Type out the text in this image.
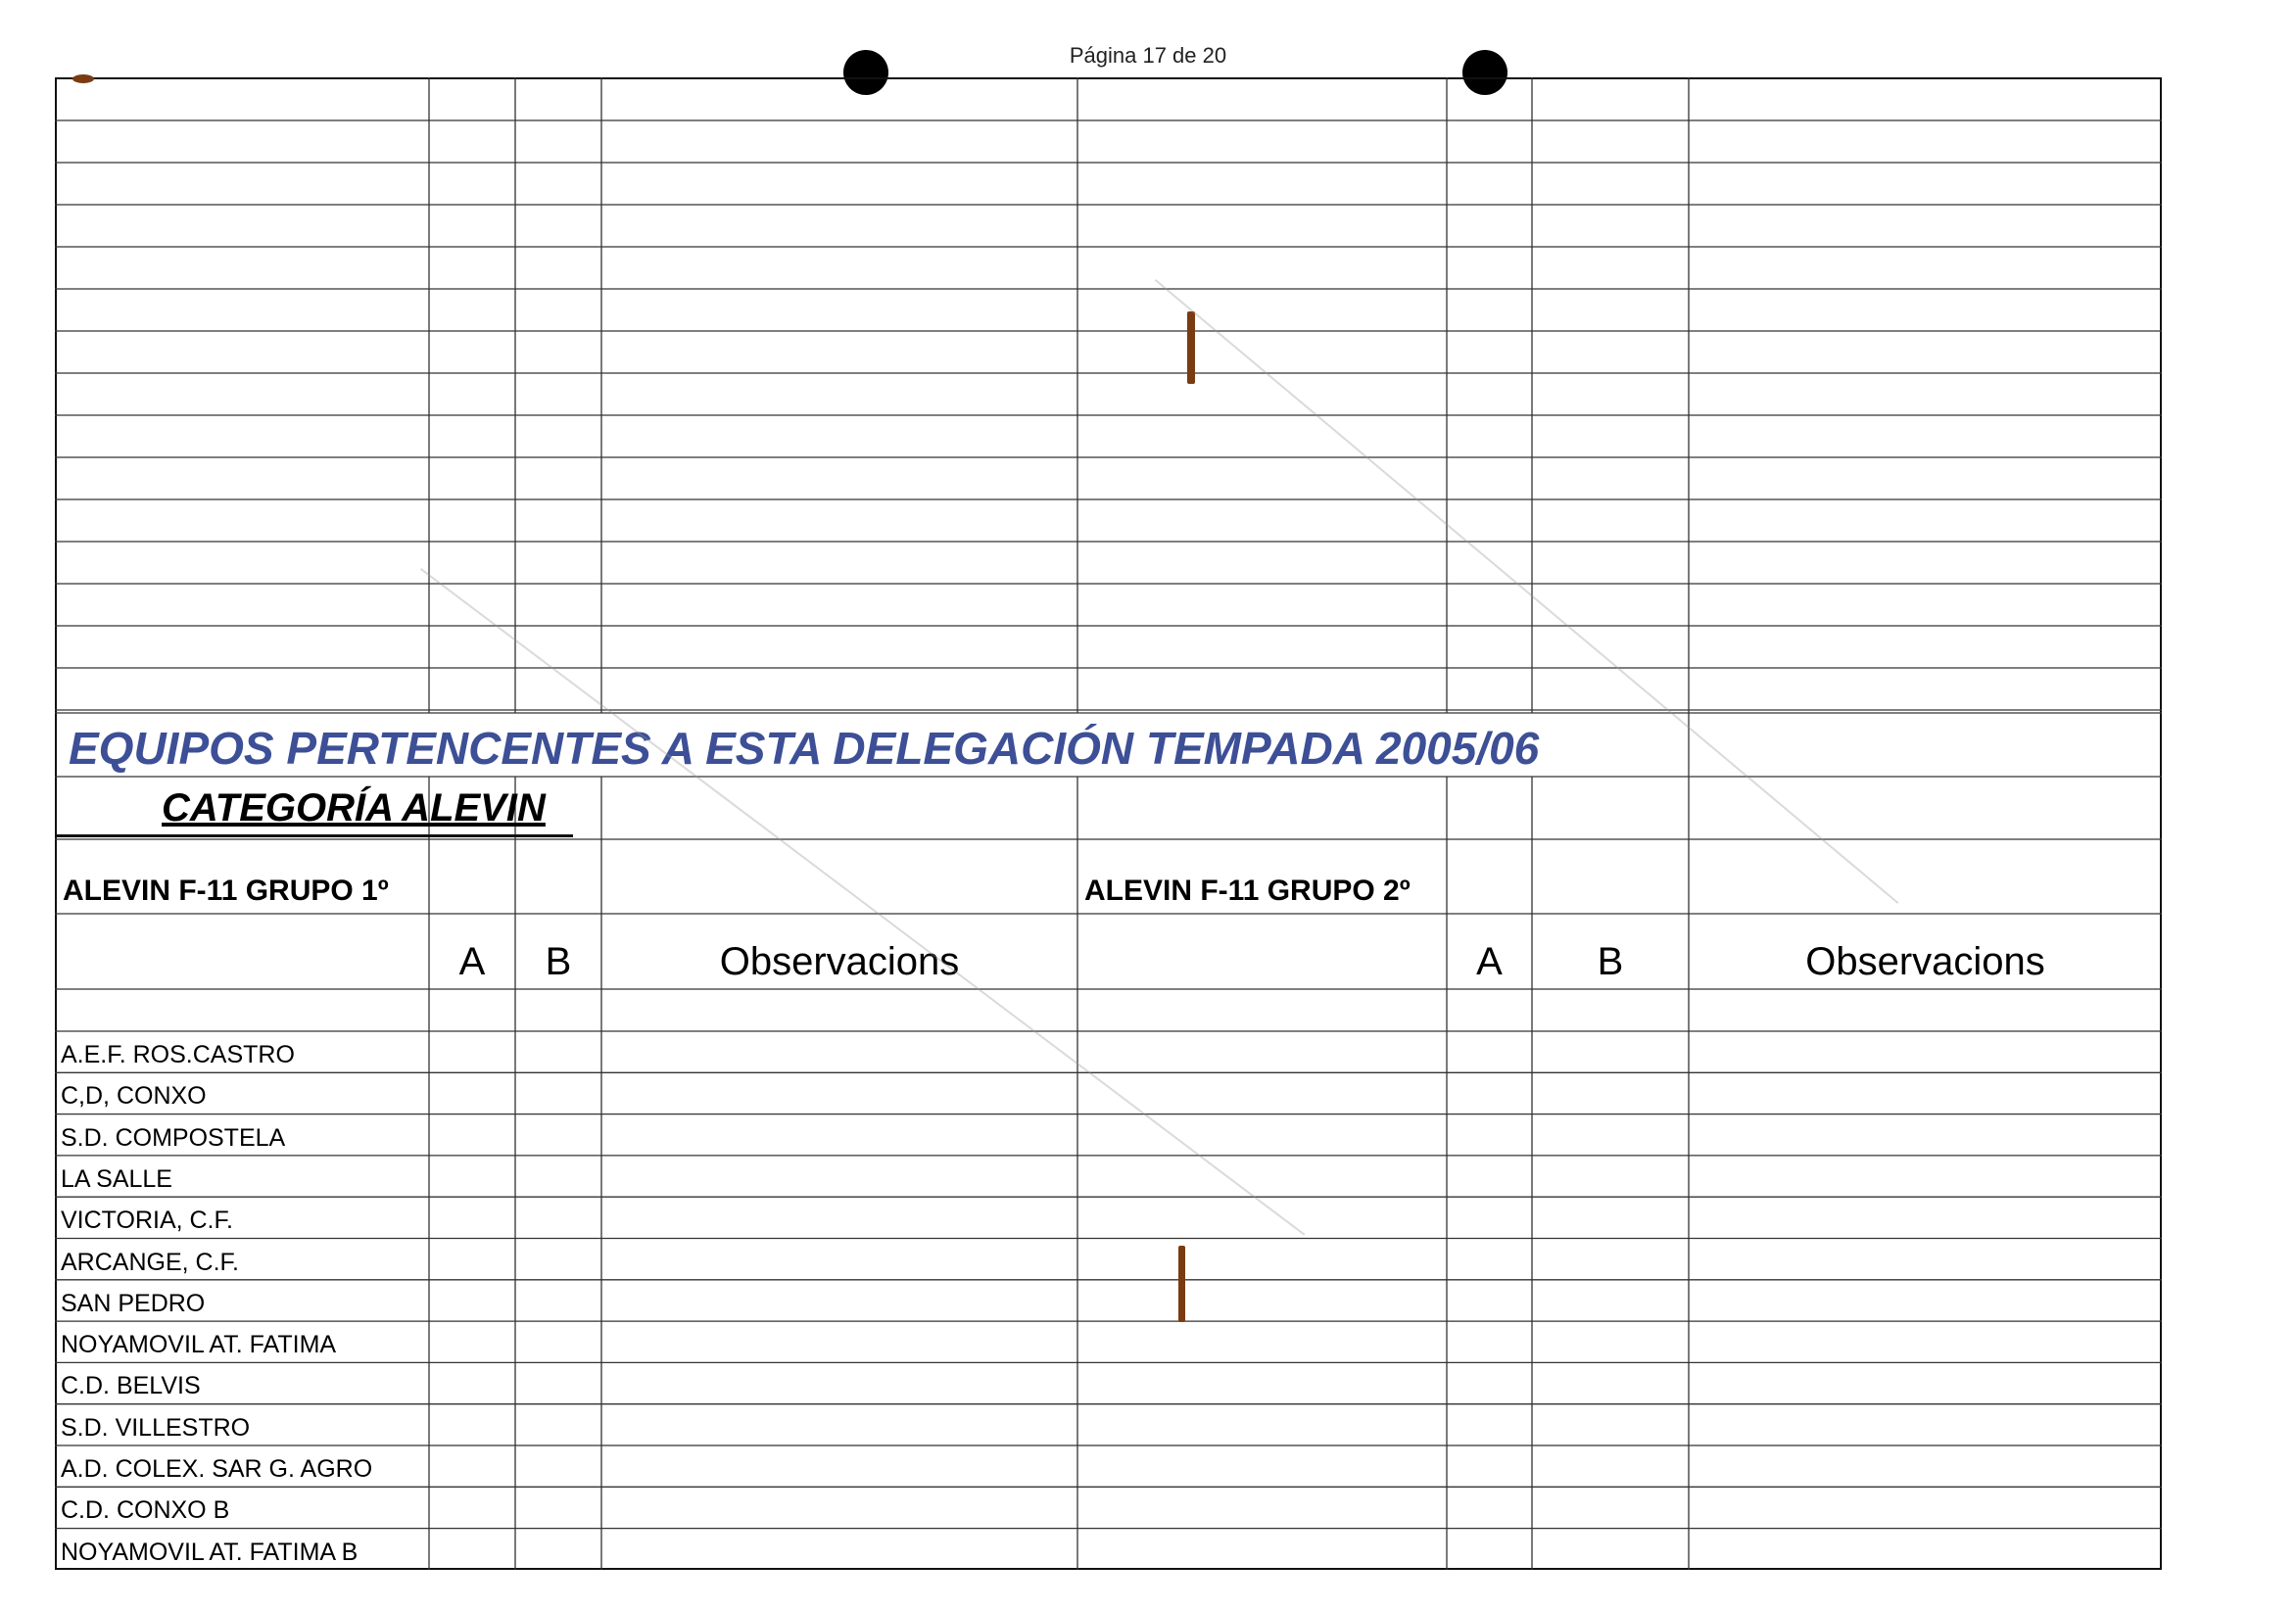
Página 17 de 20
EQUIPOS PERTENCENTES A ESTA DELEGACIÓN TEMPADA 2005/06
CATEGORÍA ALEVIN
ALEVIN F-11 GRUPO 1º	ALEVIN F-11 GRUPO 2º
A	B	Observacions	A	B	Observacions
A.E.F. ROS.CASTRO
C,D, CONXO
S.D. COMPOSTELA
LA SALLE
VICTORIA, C.F.
ARCANGE, C.F.
SAN PEDRO
NOYAMOVIL AT. FATIMA
C.D. BELVIS
S.D. VILLESTRO
A.D. COLEX. SAR G. AGRO
C.D. CONXO B
NOYAMOVIL AT. FATIMA B
